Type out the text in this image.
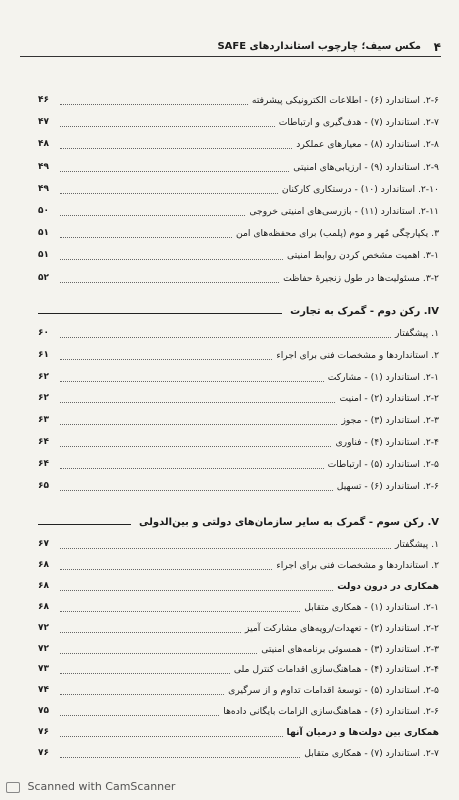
۴
مکس سیف؛ چارچوب استانداردهای SAFE
۲-۶. استاندارد (۶) - اطلاعات الکترونیکی پیشرفته
۴۶
۲-۷. استاندارد (۷) - هدف‌گیری و ارتباطات
۴۷
۲-۸. استاندارد (۸) - معیارهای عملکرد
۴۸
۲-۹. استاندارد (۹) - ارزیابی‌های امنیتی
۴۹
۲-۱۰. استاندارد (۱۰) - درستکاری کارکنان
۴۹
۲-۱۱. استاندارد (۱۱) - بازرسی‌های امنیتی خروجی
۵۰
۳. یکپارچگی مُهر و موم (پلمب) برای محفظه‌های امن
۵۱
۳-۱. اهمیت مشخص کردن روابط امنیتی
۵۱
۳-۲. مسئولیت‌ها در طول زنجیرهٔ حفاظت
۵۲
IV. رکن دوم - گمرک به تجارت
۱. پیشگفتار
۶۰
۲. استانداردها و مشخصات فنی برای اجراء
۶۱
۲-۱. استاندارد (۱) - مشارکت
۶۲
۲-۲. استاندارد (۲) - امنیت
۶۲
۲-۳. استاندارد (۳) - مجوز
۶۳
۲-۴. استاندارد (۴) - فناوری
۶۴
۲-۵. استاندارد (۵) - ارتباطات
۶۴
۲-۶. استاندارد (۶) - تسهیل
۶۵
V. رکن سوم - گمرک به سایر سازمان‌های دولتی و بین‌الدولی
۱. پیشگفتار
۶۷
۲. استانداردها و مشخصات فنی برای اجراء
۶۸
همکاری در درون دولت
۶۸
۲-۱. استاندارد (۱) - همکاری متقابل
۶۸
۲-۲. استاندارد (۲) - تعهدات/رویه‌های مشارکت آمیز
۷۲
۲-۳. استاندارد (۳) - همسوئی برنامه‌های امنیتی
۷۲
۲-۴. استاندارد (۴) - هماهنگ‌سازی اقدامات کنترل ملی
۷۳
۲-۵. استاندارد (۵) - توسعهٔ اقدامات تداوم و از سرگیری
۷۴
۲-۶. استاندارد (۶) - هماهنگ‌سازی الزامات بایگانی داده‌ها
۷۵
همکاری بین دولت‌ها و درمیان آنها
۷۶
۲-۷. استاندارد (۷) - همکاری متقابل
۷۶
Scanned with CamScanner
